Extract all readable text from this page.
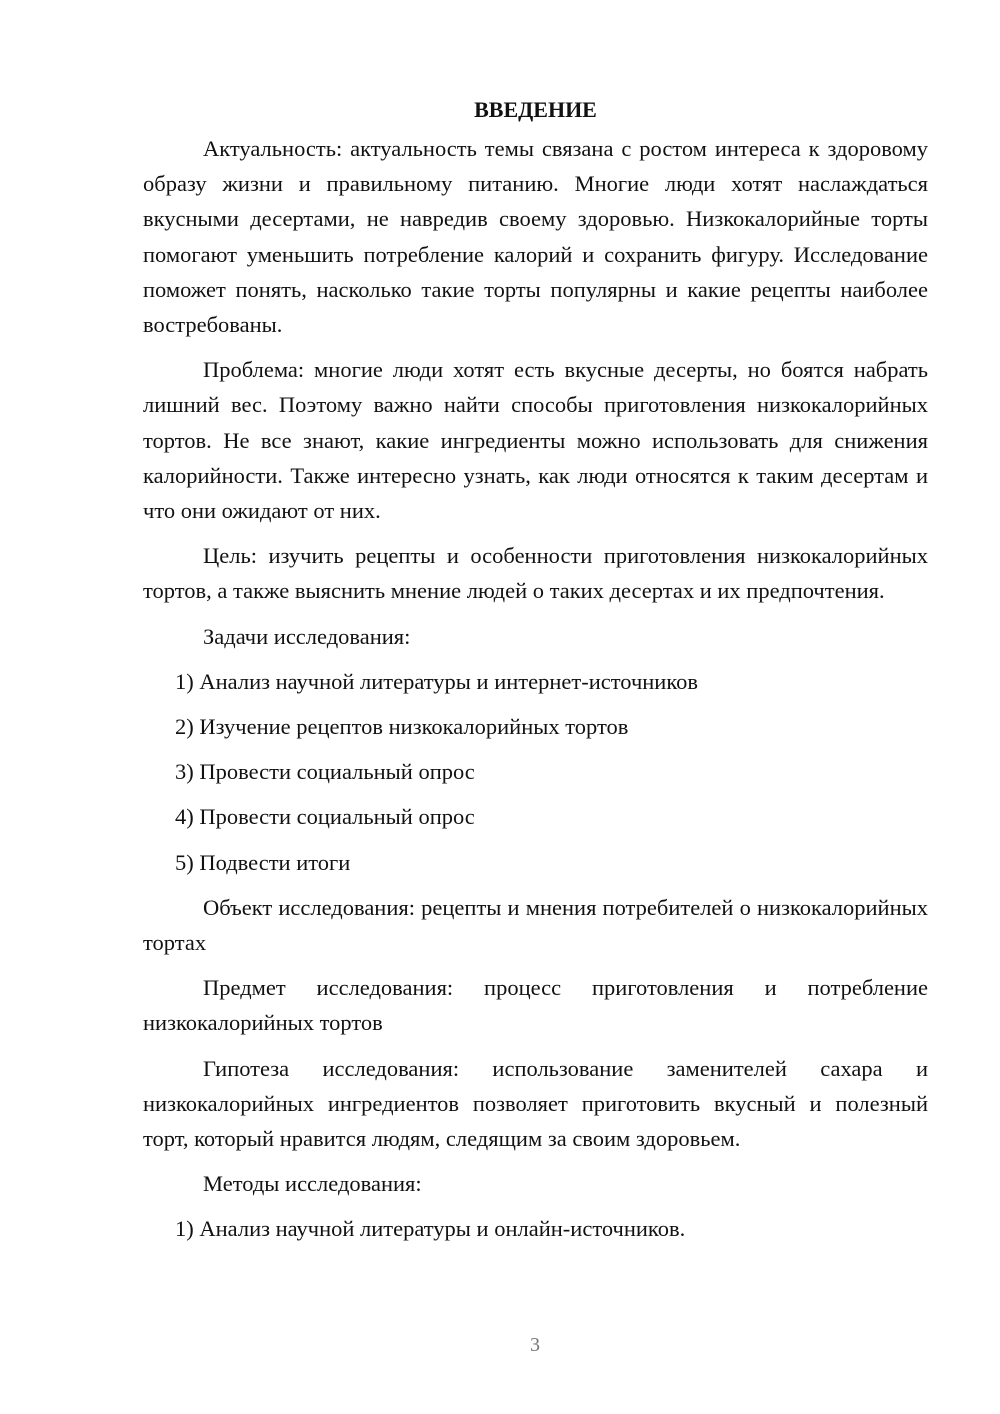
ВВЕДЕНИЕ

Актуальность: актуальность темы связана с ростом интереса к здоровому образу жизни и правильному питанию. Многие люди хотят наслаждаться вкусными десертами, не навредив своему здоровью. Низкокалорийные торты помогают уменьшить потребление калорий и сохранить фигуру. Исследование поможет понять, насколько такие торты популярны и какие рецепты наиболее востребованы.

Проблема: многие люди хотят есть вкусные десерты, но боятся набрать лишний вес. Поэтому важно найти способы приготовления низкокалорийных тортов. Не все знают, какие ингредиенты можно использовать для снижения калорийности. Также интересно узнать, как люди относятся к таким десертам и что они ожидают от них.

Цель: изучить рецепты и особенности приготовления низкокалорийных тортов, а также выяснить мнение людей о таких десертах и их предпочтения.

Задачи исследования:
1) Анализ научной литературы и интернет-источников
2) Изучение рецептов низкокалорийных тортов
3) Провести социальный опрос
4) Провести социальный опрос
5) Подвести итоги

Объект исследования: рецепты и мнения потребителей о низкокалорийных тортах

Предмет исследования: процесс приготовления и потребление низкокалорийных тортов

Гипотеза исследования: использование заменителей сахара и низкокалорийных ингредиентов позволяет приготовить вкусный и полезный торт, который нравится людям, следящим за своим здоровьем.

Методы исследования:
1) Анализ научной литературы и онлайн-источников.
3
